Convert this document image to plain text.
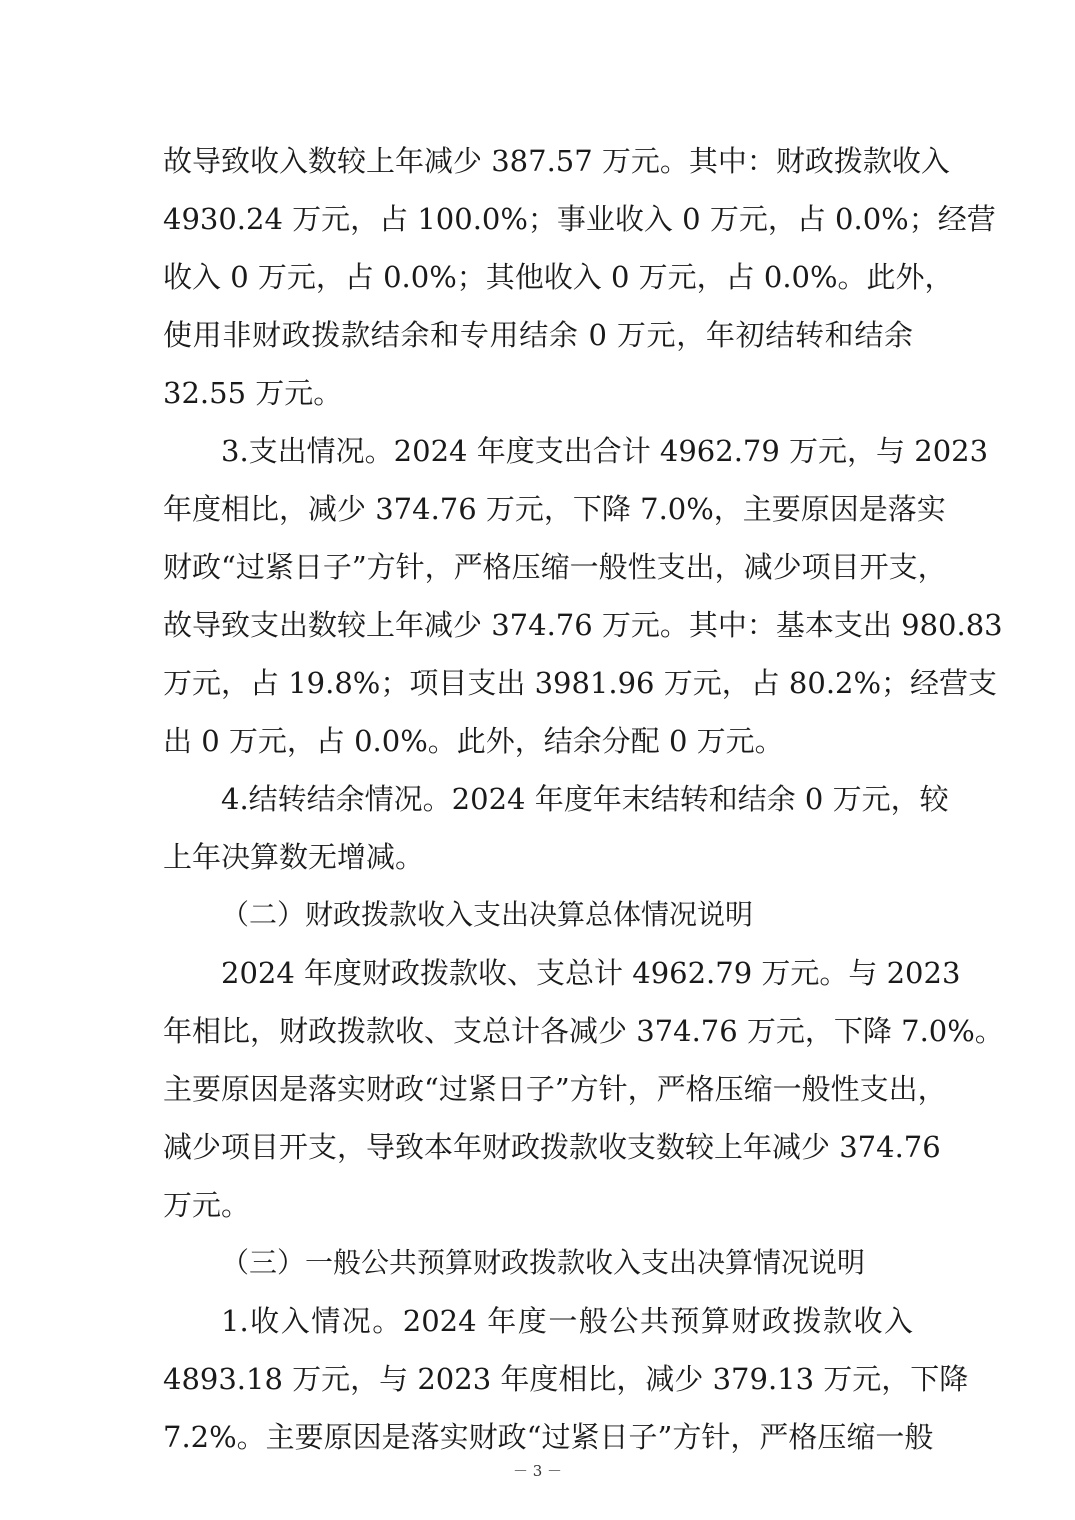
故导致收入数较上年减少 387.57 万元。其中：财政拨款收入
4930.24 万元，占 100.0%；事业收入 0 万元，占 0.0%；经营
收入 0 万元，占 0.0%；其他收入 0 万元，占 0.0%。此外，
使用非财政拨款结余和专用结余 0 万元，年初结转和结余
32.55 万元。
3.支出情况。2024 年度支出合计 4962.79 万元，与 2023
年度相比，减少 374.76 万元，下降 7.0%，主要原因是落实
财政“过紧日子”方针，严格压缩一般性支出，减少项目开支，
故导致支出数较上年减少 374.76 万元。其中：基本支出 980.83
万元，占 19.8%；项目支出 3981.96 万元，占 80.2%；经营支
出 0 万元，占 0.0%。此外，结余分配 0 万元。
4.结转结余情况。2024 年度年末结转和结余 0 万元，较
上年决算数无增减。
（二）财政拨款收入支出决算总体情况说明
2024 年度财政拨款收、支总计 4962.79 万元。与 2023
年相比，财政拨款收、支总计各减少 374.76 万元，下降 7.0%。
主要原因是落实财政“过紧日子”方针，严格压缩一般性支出，
减少项目开支，导致本年财政拨款收支数较上年减少 374.76
万元。
（三）一般公共预算财政拨款收入支出决算情况说明
1.收入情况。2024 年度一般公共预算财政拨款收入
4893.18 万元，与 2023 年度相比，减少 379.13 万元，下降
7.2%。主要原因是落实财政“过紧日子”方针，严格压缩一般
－ 3 －
